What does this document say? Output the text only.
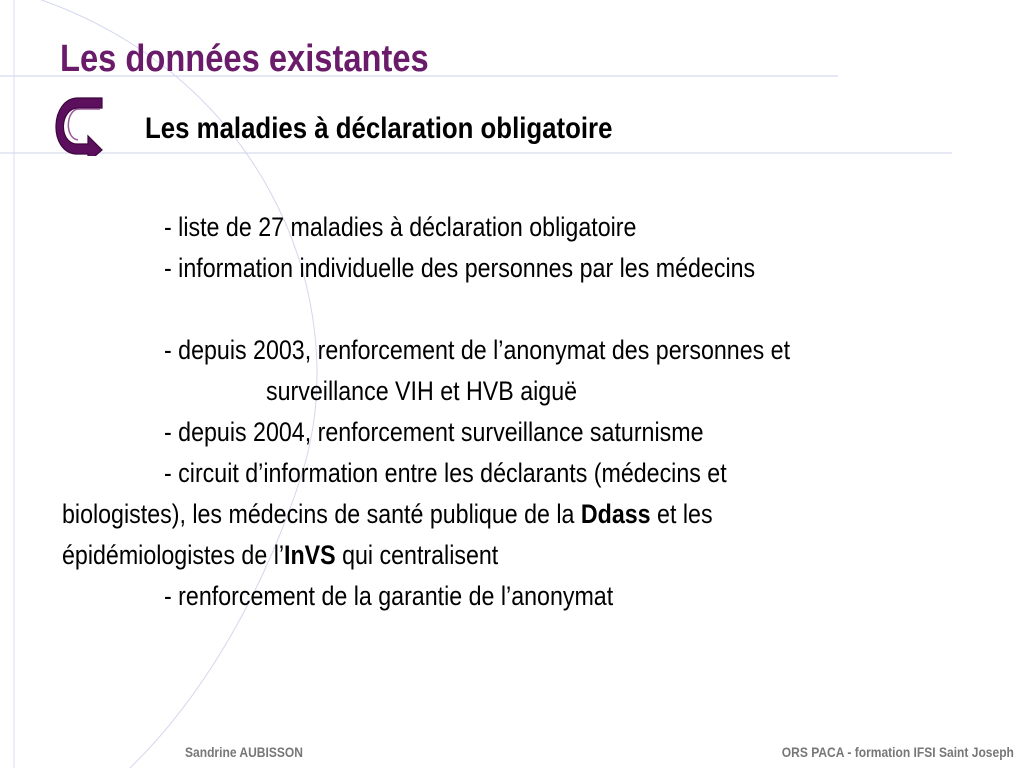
Les données existantes
Les maladies à déclaration obligatoire
- liste de 27 maladies à déclaration obligatoire
- information individuelle des personnes par les médecins
- depuis 2003, renforcement de l’anonymat des personnes et
surveillance VIH et HVB aiguë
- depuis 2004, renforcement surveillance saturnisme
- circuit d’information entre les déclarants (médecins et
biologistes), les médecins de santé publique de la Ddass et les
épidémiologistes de l’InVS qui centralisent
- renforcement de la garantie de l’anonymat
Sandrine AUBISSON	ORS PACA - formation IFSI Saint Joseph
